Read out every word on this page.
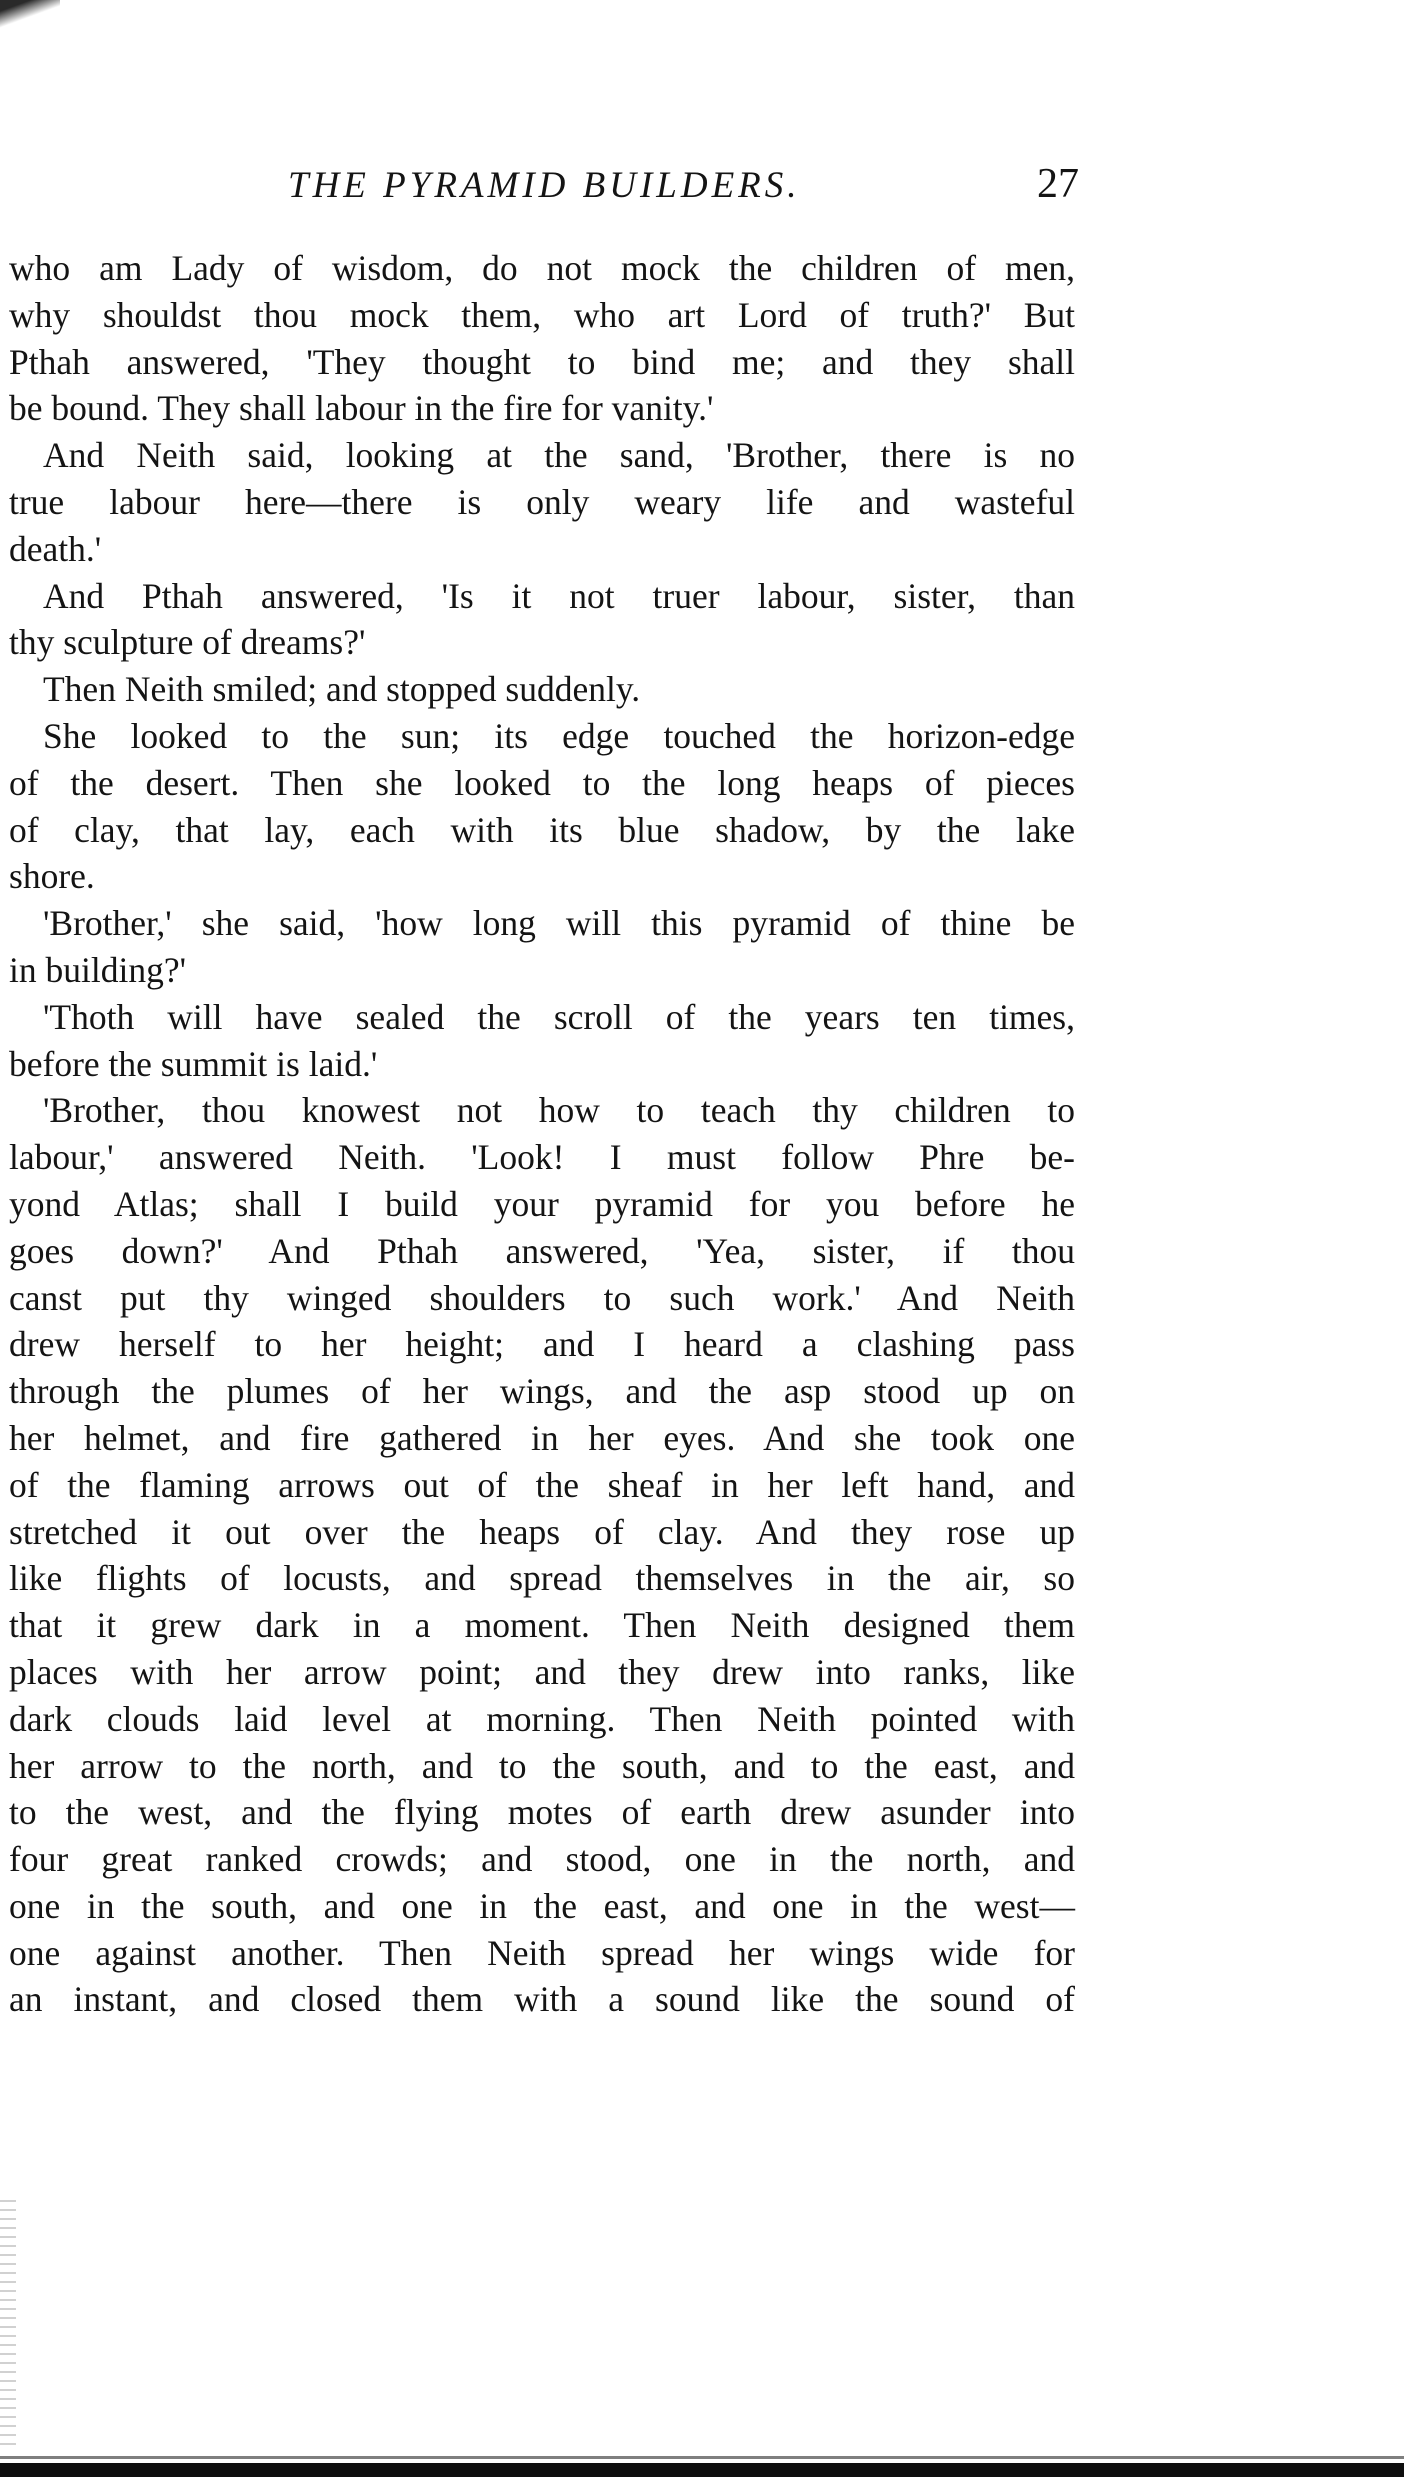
THE PYRAMID BUILDERS.	27

who am Lady of wisdom, do not mock the children of men,

why shouldst thou mock them, who art Lord of truth?' But

Pthah answered, 'They thought to bind me; and they shall

be bound. They shall labour in the fire for vanity.'

And Neith said, looking at the sand, 'Brother, there is no

true labour here—there is only weary life and wasteful

death.'

And Pthah answered, 'Is it not truer labour, sister, than

thy sculpture of dreams?'

Then Neith smiled; and stopped suddenly.

She looked to the sun; its edge touched the horizon-edge

of the desert. Then she looked to the long heaps of pieces

of clay, that lay, each with its blue shadow, by the lake

shore.

'Brother,' she said, 'how long will this pyramid of thine be

in building?'

'Thoth will have sealed the scroll of the years ten times,

before the summit is laid.'

'Brother, thou knowest not how to teach thy children to

labour,' answered Neith. 'Look! I must follow Phre be-

yond Atlas; shall I build your pyramid for you before he

goes down?' And Pthah answered, 'Yea, sister, if thou

canst put thy winged shoulders to such work.' And Neith

drew herself to her height; and I heard a clashing pass

through the plumes of her wings, and the asp stood up on

her helmet, and fire gathered in her eyes. And she took one

of the flaming arrows out of the sheaf in her left hand, and

stretched it out over the heaps of clay. And they rose up

like flights of locusts, and spread themselves in the air, so

that it grew dark in a moment. Then Neith designed them

places with her arrow point; and they drew into ranks, like

dark clouds laid level at morning. Then Neith pointed with

her arrow to the north, and to the south, and to the east, and

to the west, and the flying motes of earth drew asunder into

four great ranked crowds; and stood, one in the north, and

one in the south, and one in the east, and one in the west—

one against another. Then Neith spread her wings wide for

an instant, and closed them with a sound like the sound of
